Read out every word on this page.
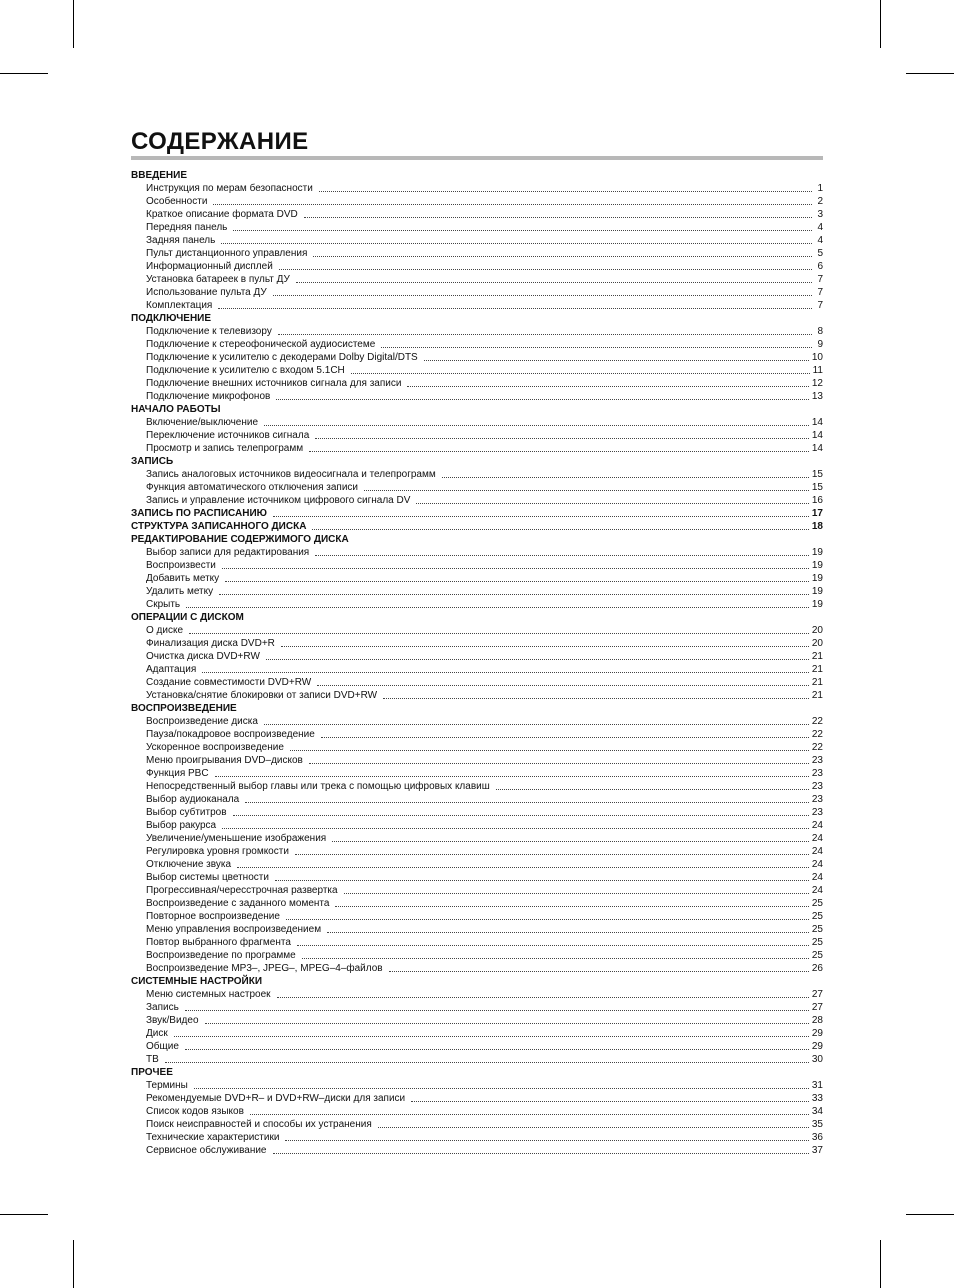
СОДЕРЖАНИЕ
ВВЕДЕНИЕ
Инструкция по мерам безопасности	1
Особенности	2
Краткое описание формата DVD	3
Передняя панель	4
Задняя панель	4
Пульт дистанционного управления	5
Информационный дисплей	6
Установка батареек в пульт ДУ	7
Использование пульта ДУ	7
Комплектация	7
ПОДКЛЮЧЕНИЕ
Подключение к телевизору	8
Подключение к стереофонической аудиосистеме	9
Подключение к усилителю с декодерами Dolby Digital/DTS	10
Подключение к усилителю с входом 5.1CH	11
Подключение внешних источников сигнала для записи	12
Подключение микрофонов	13
НАЧАЛО РАБОТЫ
Включение/выключение	14
Переключение источников сигнала	14
Просмотр и запись телепрограмм	14
ЗАПИСЬ
Запись аналоговых источников видеосигнала и телепрограмм	15
Функция автоматического отключения записи	15
Запись и управление источником цифрового сигнала DV	16
ЗАПИСЬ ПО РАСПИСАНИЮ	17
СТРУКТУРА ЗАПИСАННОГО ДИСКА	18
РЕДАКТИРОВАНИЕ СОДЕРЖИМОГО ДИСКА
Выбор записи для редактирования	19
Воспроизвести	19
Добавить метку	19
Удалить метку	19
Скрыть	19
ОПЕРАЦИИ С ДИСКОМ
О диске	20
Финализация диска DVD+R	20
Очистка диска DVD+RW	21
Адаптация	21
Создание совместимости DVD+RW	21
Установка/снятие блокировки от записи DVD+RW	21
ВОСПРОИЗВЕДЕНИЕ
Воспроизведение диска	22
Пауза/покадровое воспроизведение	22
Ускоренное воспроизведение	22
Меню проигрывания DVD–дисков	23
Функция PBC	23
Непосредственный выбор главы или трека с помощью цифровых клавиш	23
Выбор аудиоканала	23
Выбор субтитров	23
Выбор ракурса	24
Увеличение/уменьшение изображения	24
Регулировка уровня громкости	24
Отключение звука	24
Выбор системы цветности	24
Прогрессивная/чересстрочная развертка	24
Воспроизведение с заданного момента	25
Повторное воспроизведение	25
Меню управления воспроизведением	25
Повтор выбранного фрагмента	25
Воспроизведение по программе	25
Воспроизведение MP3–, JPEG–, MPEG–4–файлов	26
СИСТЕМНЫЕ НАСТРОЙКИ
Меню системных настроек	27
Запись	27
Звук/Видео	28
Диск	29
Общие	29
ТВ	30
ПРОЧЕЕ
Термины	31
Рекомендуемые DVD+R– и DVD+RW–диски для записи	33
Список кодов языков	34
Поиск неисправностей и способы их устранения	35
Технические характеристики	36
Сервисное обслуживание	37
